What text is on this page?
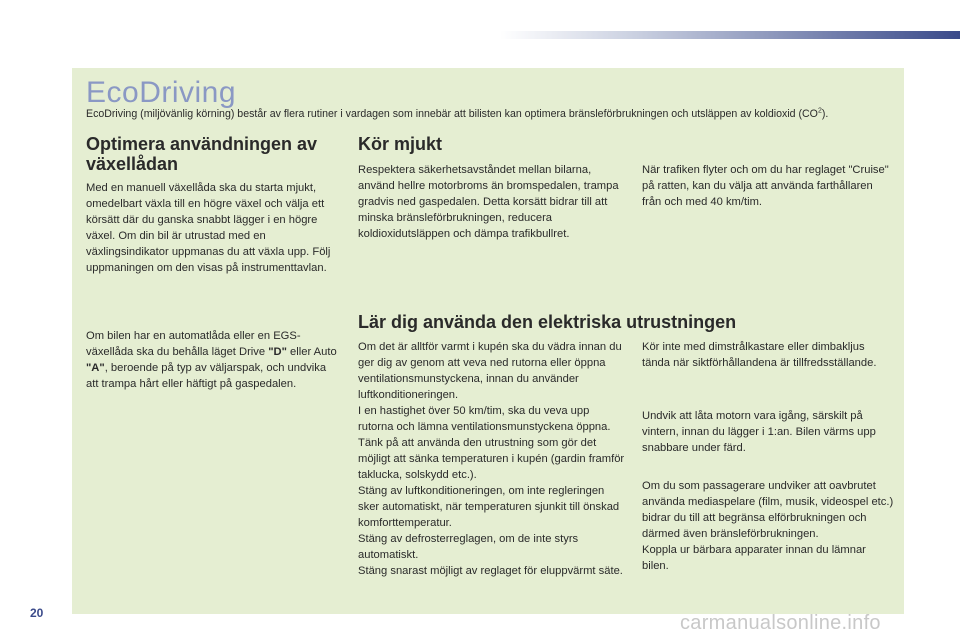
EcoDriving

EcoDriving (miljövänlig körning) består av flera rutiner i vardagen som innebär att bilisten kan optimera bränsleförbrukningen och utsläppen av koldioxid $(CO^2)$.

Optimera användningen av växellådan

Med en manuell växellåda ska du starta mjukt, omedelbart växla till en högre växel och välja ett körsätt där du ganska snabbt lägger i en högre växel. Om din bil är utrustad med en växlingsindikator uppmanas du att växla upp. Följ uppmaningen om den visas på instrumenttavlan.

Om bilen har en automatlåda eller en EGS-växellåda ska du behålla läget Drive "D" eller Auto "A", beroende på typ av väljarspak, och undvika att trampa hårt eller häftigt på gaspedalen.

Kör mjukt

Respektera säkerhetsavståndet mellan bilarna, använd hellre motorbroms än bromspedalen, trampa gradvis ned gaspedalen. Detta korsätt bidrar till att minska bränsleförbrukningen, reducera koldioxidutsläppen och dämpa trafikbullret.

När trafiken flyter och om du har reglaget "Cruise" på ratten, kan du välja att använda farthållaren från och med 40 km/tim.

Lär dig använda den elektriska utrustningen

Om det är alltför varmt i kupén ska du vädra innan du ger dig av genom att veva ned rutorna eller öppna ventilationsmunstyckena, innan du använder luftkonditioneringen.
I en hastighet över 50 km/tim, ska du veva upp rutorna och lämna ventilationsmunstyckena öppna.
Tänk på att använda den utrustning som gör det möjligt att sänka temperaturen i kupén (gardin framför taklucka, solskydd etc.).
Stäng av luftkonditioneringen, om inte regleringen sker automatiskt, när temperaturen sjunkit till önskad komforttemperatur.
Stäng av defrosterreglagen, om de inte styrs automatiskt.
Stäng snarast möjligt av reglaget för eluppvärmt säte.

Kör inte med dimstrålkastare eller dimbakljus tända när siktförhållandena är tillfredsställande.

Undvik att låta motorn vara igång, särskilt på vintern, innan du lägger i 1:an. Bilen värms upp snabbare under färd.

Om du som passagerare undviker att oavbrutet använda mediaspelare (film, musik, videospel etc.) bidrar du till att begränsa elförbrukningen och därmed även bränsleförbrukningen.
Koppla ur bärbara apparater innan du lämnar bilen.

20	carmanualsonline.info
